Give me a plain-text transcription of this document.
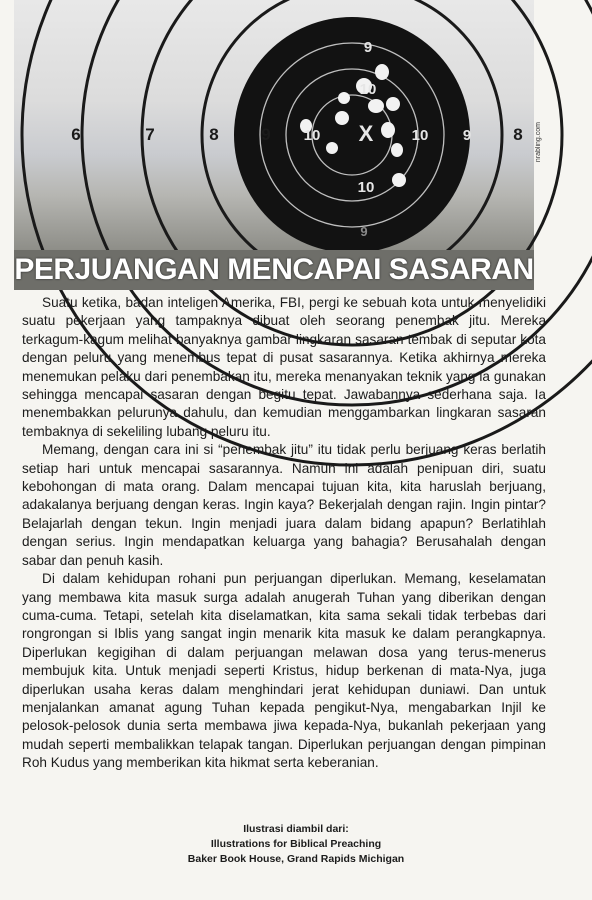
6	7	8	9	8
9
10
10 X	10 9
10
9
nrabling.com
PERJUANGAN MENCAPAI SASARAN

Suatu ketika, badan inteligen Amerika, FBI, pergi ke sebuah kota untuk menyelidiki suatu pekerjaan yang tampaknya dibuat oleh seorang penembak jitu. Mereka terkagum-kagum melihat banyaknya gambar lingkaran sasaran tembak di seputar kota dengan peluru yang menembus tepat di pusat sasarannya. Ketika akhirnya mereka menemukan pelaku dari penembakan itu, mereka menanyakan teknik yang ia gunakan sehingga mencapai sasaran dengan begitu tepat. Jawabannya sederhana saja. Ia menembakkan pelurunya dahulu, dan kemudian menggambarkan lingkaran sasaran tembaknya di sekeliling lubang peluru itu.

Memang, dengan cara ini si “penembak jitu” itu tidak perlu berjuang keras berlatih setiap hari untuk mencapai sasarannya. Namun ini adalah penipuan diri, suatu kebohongan di mata orang. Dalam mencapai tujuan kita, kita haruslah berjuang, adakalanya berjuang dengan keras. Ingin kaya? Bekerjalah dengan rajin. Ingin pintar? Belajarlah dengan tekun. Ingin menjadi juara dalam bidang apapun? Berlatihlah dengan serius. Ingin mendapatkan keluarga yang bahagia? Berusahalah dengan sabar dan penuh kasih.

Di dalam kehidupan rohani pun perjuangan diperlukan. Memang, keselamatan yang membawa kita masuk surga adalah anugerah Tuhan yang diberikan dengan cuma-cuma. Tetapi, setelah kita diselamatkan, kita sama sekali tidak terbebas dari rongrongan si Iblis yang sangat ingin menarik kita masuk ke dalam perangkapnya. Diperlukan kegigihan di dalam perjuangan melawan dosa yang terus-menerus membujuk kita. Untuk menjadi seperti Kristus, hidup berkenan di mata-Nya, juga diperlukan usaha keras dalam menghindari jerat kehidupan duniawi. Dan untuk menjalankan amanat agung Tuhan kepada pengikut-Nya, mengabarkan Injil ke pelosok-pelosok dunia serta membawa jiwa kepada-Nya, bukanlah pekerjaan yang mudah seperti membalikkan telapak tangan. Diperlukan perjuangan dengan pimpinan Roh Kudus yang memberikan kita hikmat serta keberanian.

Ilustrasi diambil dari:
Illustrations for Biblical Preaching
Baker Book House, Grand Rapids Michigan
